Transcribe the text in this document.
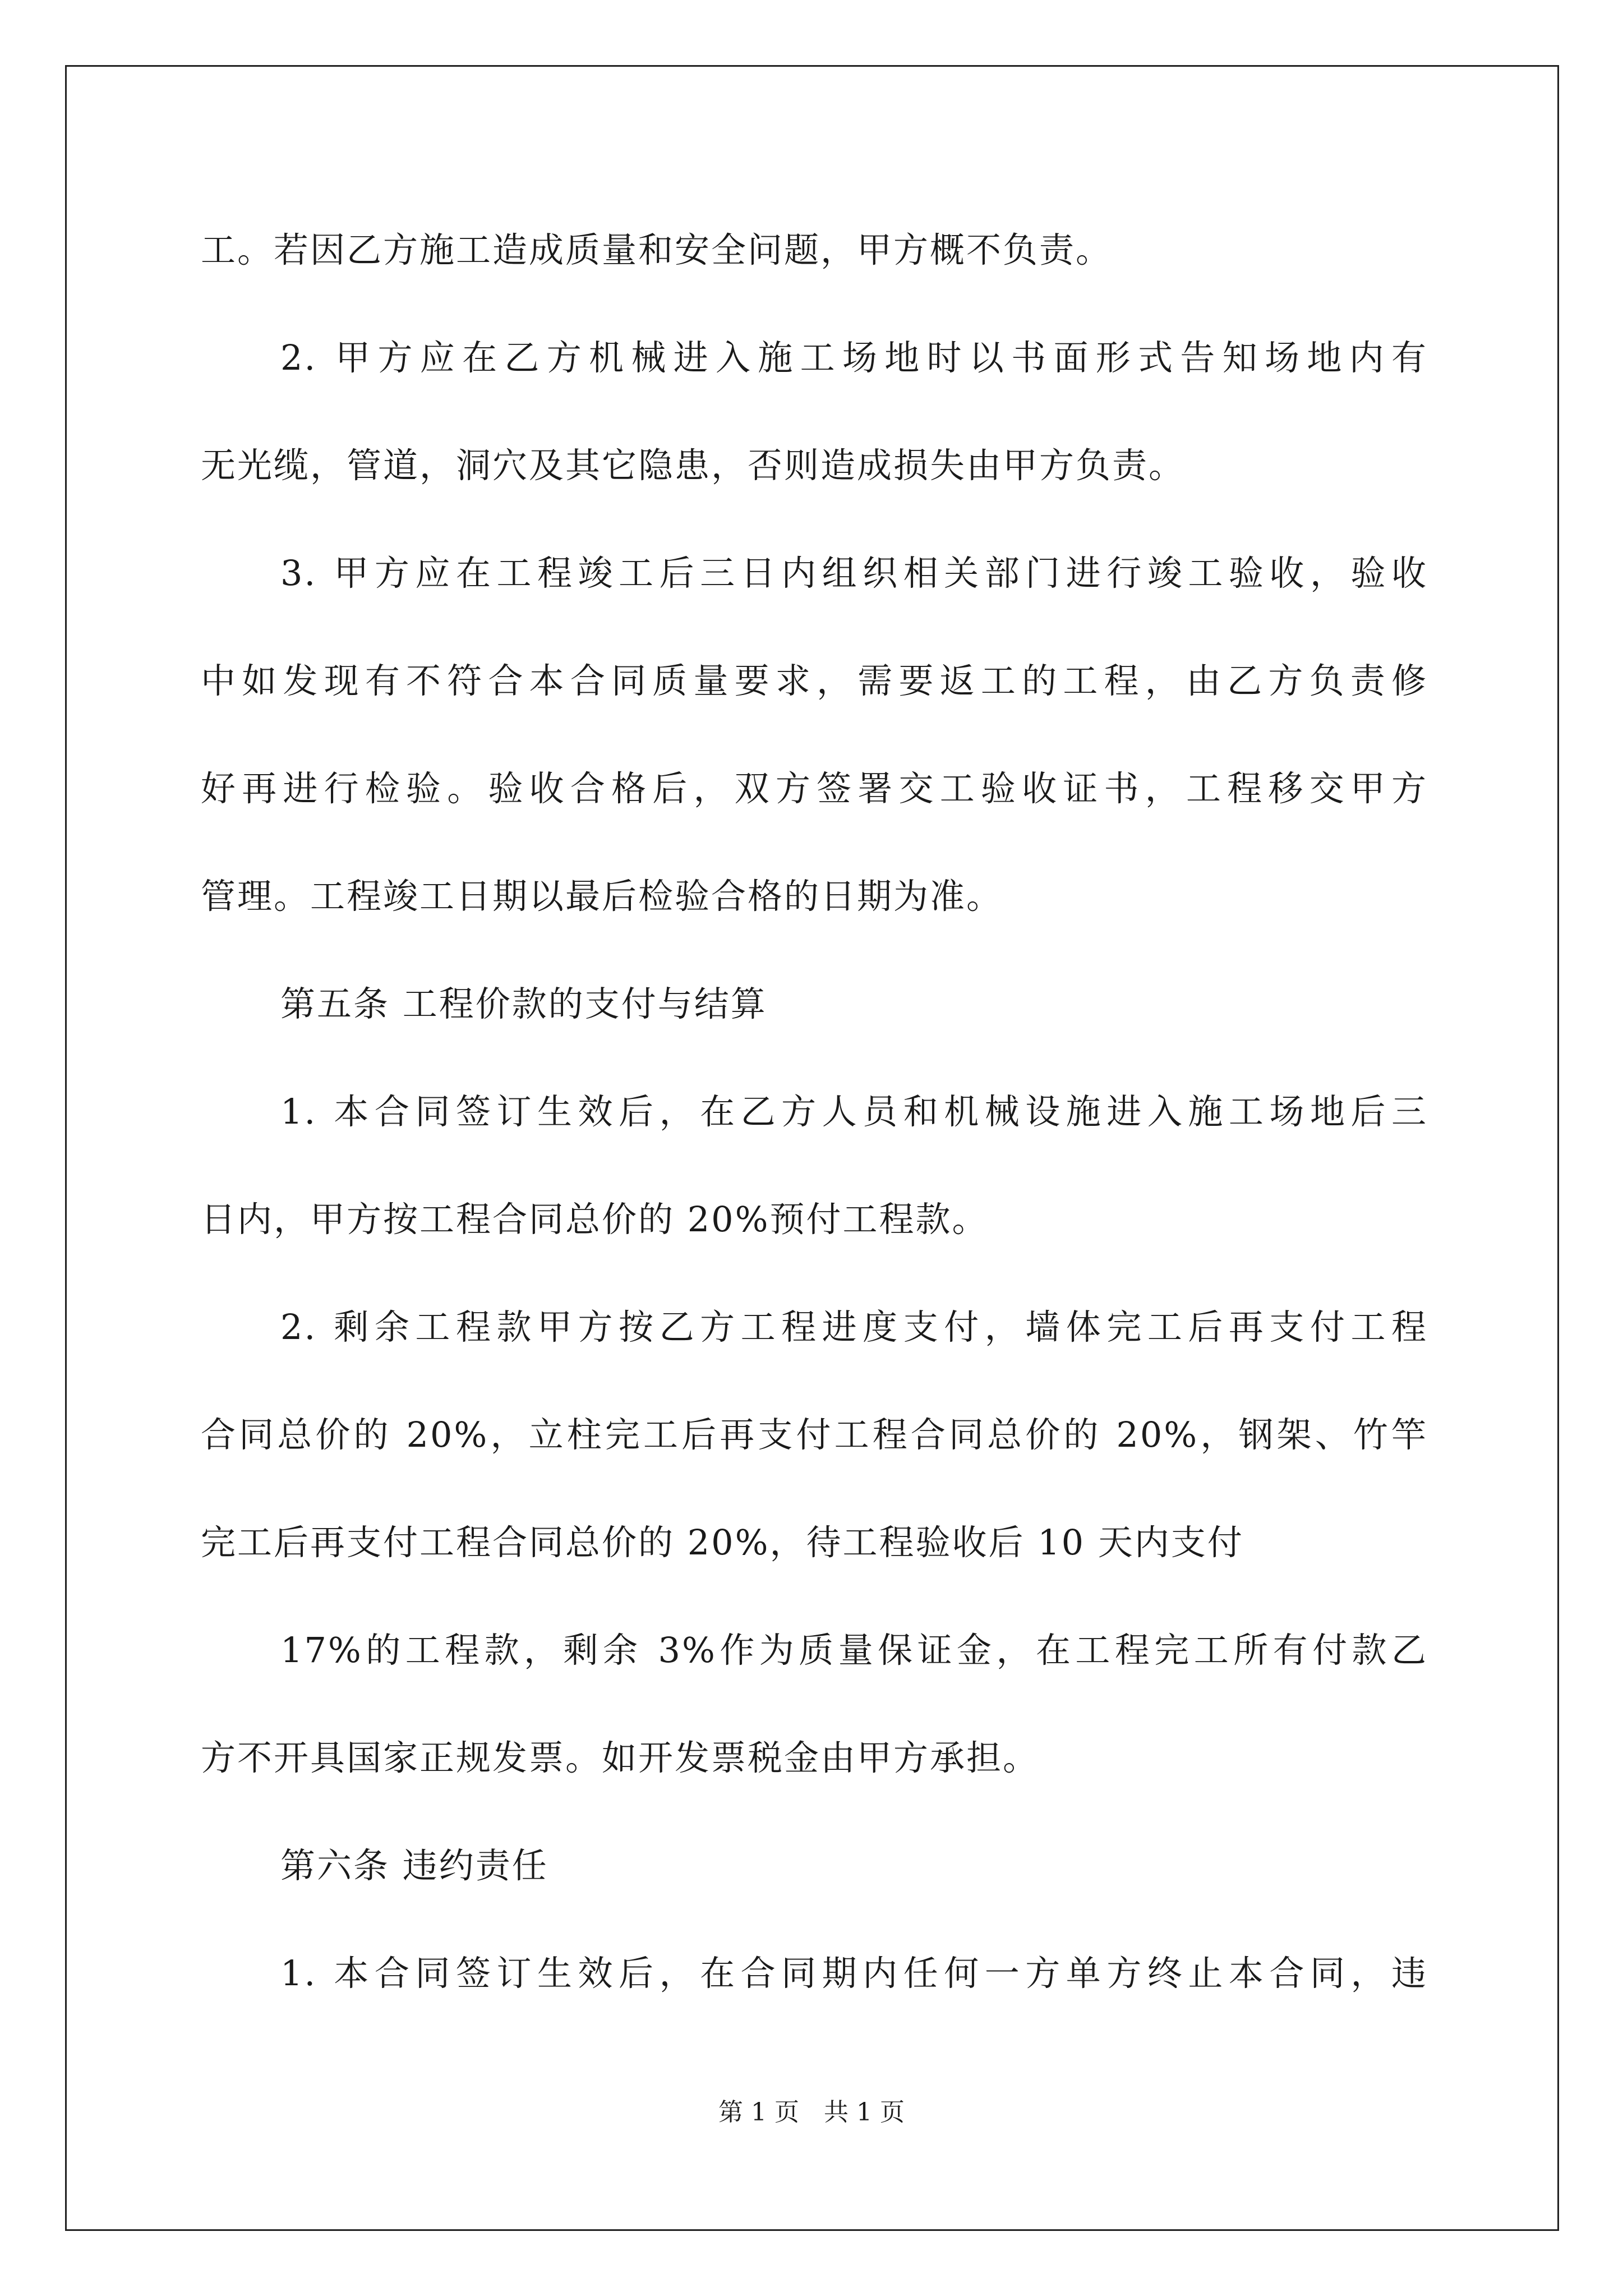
工。若因乙方施工造成质量和安全问题，甲方概不负责。
2. 甲方应在乙方机械进入施工场地时以书面形式告知场地内有
无光缆，管道，洞穴及其它隐患，否则造成损失由甲方负责。
3. 甲方应在工程竣工后三日内组织相关部门进行竣工验收，验收
中如发现有不符合本合同质量要求，需要返工的工程，由乙方负责修
好再进行检验。验收合格后，双方签署交工验收证书，工程移交甲方
管理。工程竣工日期以最后检验合格的日期为准。
第五条 工程价款的支付与结算
1. 本合同签订生效后，在乙方人员和机械设施进入施工场地后三
日内，甲方按工程合同总价的 20%预付工程款。
2. 剩余工程款甲方按乙方工程进度支付，墙体完工后再支付工程
合同总价的 20%，立柱完工后再支付工程合同总价的 20%，钢架、竹竿
完工后再支付工程合同总价的 20%，待工程验收后 10 天内支付
17%的工程款，剩余 3%作为质量保证金，在工程完工所有付款乙
方不开具国家正规发票。如开发票税金由甲方承担。
第六条 违约责任
1. 本合同签订生效后，在合同期内任何一方单方终止本合同，违
第 1 页　共 1 页
